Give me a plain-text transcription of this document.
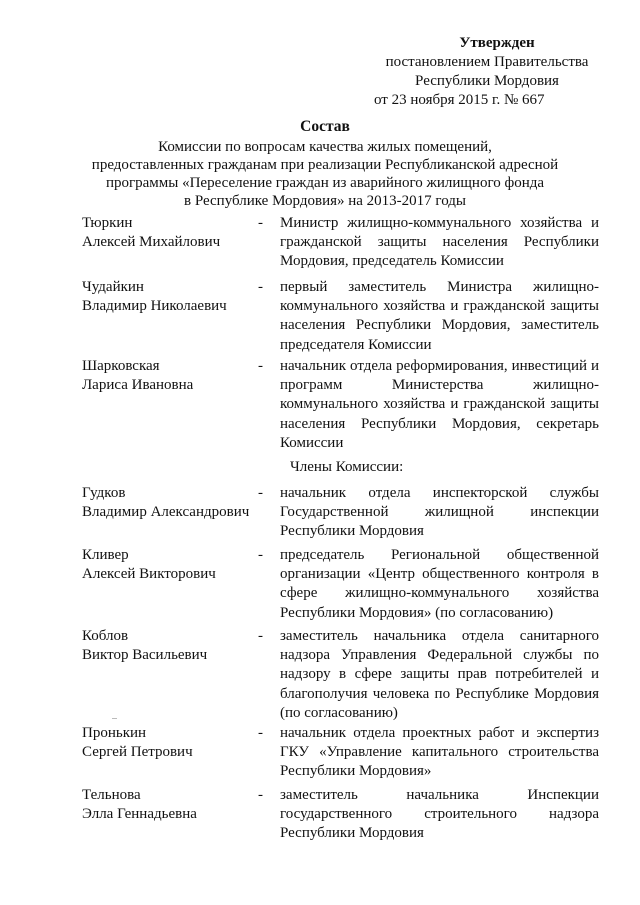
Утвержден
постановлением Правительства
Республики Мордовия
от 23 ноября 2015 г. № 667
Состав
Комиссии по вопросам качества жилых помещений,
предоставленных гражданам при реализации Республиканской адресной
программы «Переселение граждан из аварийного жилищного фонда
в Республике Мордовия» на 2013-2017 годы
Тюркин
Алексей Михайлович
- Министр жилищно-коммунального хозяйства и гражданской защиты населения Республики Мордовия, председатель Комиссии
Чудайкин
Владимир Николаевич
- первый заместитель Министра жилищно-коммунального хозяйства и гражданской защиты населения Республики Мордовия, заместитель председателя Комиссии
Шарковская
Лариса Ивановна
- начальник отдела реформирования, инвестиций и программ Министерства жилищно-коммунального хозяйства и гражданской защиты населения Республики Мордовия, секретарь Комиссии
Члены Комиссии:
Гудков
Владимир Александрович
- начальник отдела инспекторской службы Государственной жилищной инспекции Республики Мордовия
Кливер
Алексей Викторович
- председатель Региональной общественной организации «Центр общественного контроля в сфере жилищно-коммунального хозяйства Республики Мордовия» (по согласованию)
Коблов
Виктор Васильевич
- заместитель начальника отдела санитарного надзора Управления Федеральной службы по надзору в сфере защиты прав потребителей и благополучия человека по Республике Мордовия (по согласованию)
Пронькин
Сергей Петрович
- начальник отдела проектных работ и экспертиз ГКУ «Управление капитального строительства Республики Мордовия»
Тельнова
Элла Геннадьевна
- заместитель начальника Инспекции государственного строительного надзора Республики Мордовия
